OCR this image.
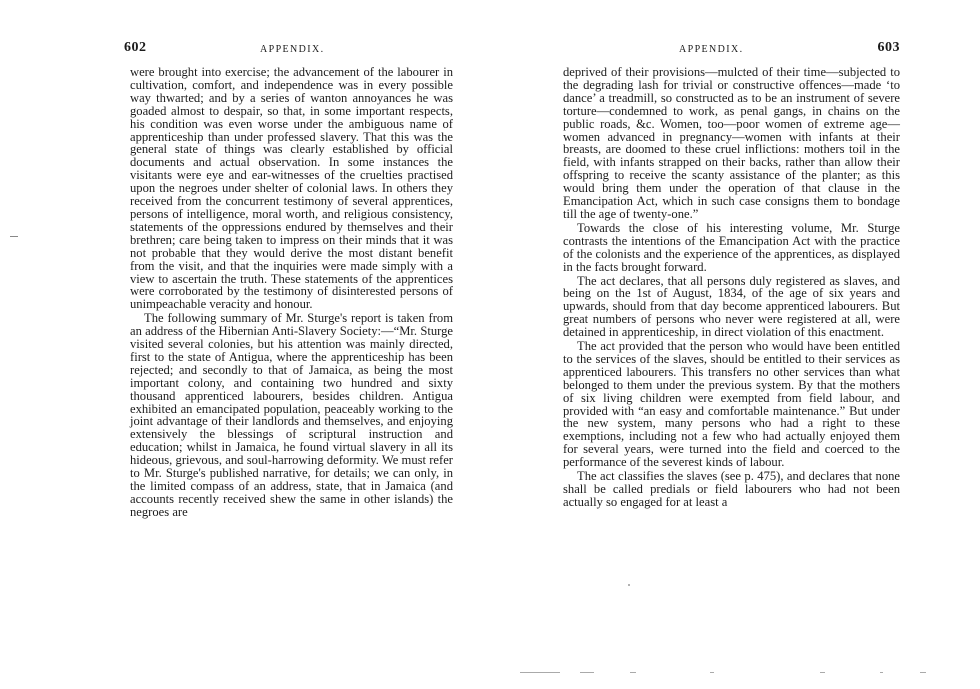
602	APPENDIX.

were brought into exercise; the advancement of the labourer in cultivation, comfort, and independence was in every possible way thwarted; and by a series of wanton annoyances he was goaded almost to despair, so that, in some important respects, his condition was even worse under the ambiguous name of apprenticeship than under professed slavery. That this was the general state of things was clearly established by official documents and actual observation. In some instances the visitants were eye and ear-witnesses of the cruelties practised upon the negroes under shelter of colonial laws. In others they received from the concurrent testimony of several apprentices, persons of intelligence, moral worth, and religious consistency, statements of the oppressions endured by themselves and their brethren; care being taken to impress on their minds that it was not probable that they would derive the most distant benefit from the visit, and that the inquiries were made simply with a view to ascertain the truth. These statements of the apprentices were corroborated by the testimony of disinterested persons of unimpeachable veracity and honour.

The following summary of Mr. Sturge's report is taken from an address of the Hibernian Anti-Slavery Society:—“Mr. Sturge visited several colonies, but his attention was mainly directed, first to the state of Antigua, where the apprenticeship has been rejected; and secondly to that of Jamaica, as being the most important colony, and containing two hundred and sixty thousand apprenticed labourers, besides children. Antigua exhibited an emancipated population, peaceably working to the joint advantage of their landlords and themselves, and enjoying extensively the blessings of scriptural instruction and education; whilst in Jamaica, he found virtual slavery in all its hideous, grievous, and soul-harrowing deformity. We must refer to Mr. Sturge's published narrative, for details; we can only, in the limited compass of an address, state, that in Jamaica (and accounts recently received shew the same in other islands) the negroes are

APPENDIX.	603

deprived of their provisions—mulcted of their time—subjected to the degrading lash for trivial or constructive offences—made ‘to dance’ a treadmill, so constructed as to be an instrument of severe torture—condemned to work, as penal gangs, in chains on the public roads, &c. Women, too—poor women of extreme age—women advanced in pregnancy—women with infants at their breasts, are doomed to these cruel inflictions: mothers toil in the field, with infants strapped on their backs, rather than allow their offspring to receive the scanty assistance of the planter; as this would bring them under the operation of that clause in the Emancipation Act, which in such case consigns them to bondage till the age of twenty-one.”

Towards the close of his interesting volume, Mr. Sturge contrasts the intentions of the Emancipation Act with the practice of the colonists and the experience of the apprentices, as displayed in the facts brought forward.

The act declares, that all persons duly registered as slaves, and being on the 1st of August, 1834, of the age of six years and upwards, should from that day become apprenticed labourers. But great numbers of persons who never were registered at all, were detained in apprenticeship, in direct violation of this enactment.

The act provided that the person who would have been entitled to the services of the slaves, should be entitled to their services as apprenticed labourers. This transfers no other services than what belonged to them under the previous system. By that the mothers of six living children were exempted from field labour, and provided with “an easy and comfortable maintenance.” But under the new system, many persons who had a right to these exemptions, including not a few who had actually enjoyed them for several years, were turned into the field and coerced to the performance of the severest kinds of labour.

The act classifies the slaves (see p. 475), and declares that none shall be called predials or field labourers who had not been actually so engaged for at least a
